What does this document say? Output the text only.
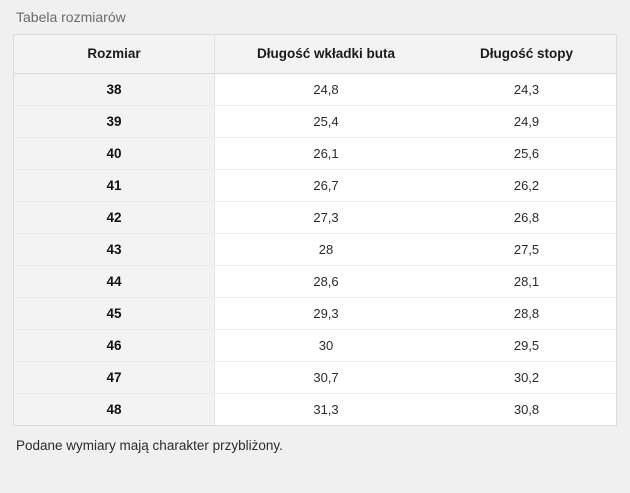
Tabela rozmiarów
Rozmiar	Długość wkładki buta	Długość stopy
38	24,8	24,3
39	25,4	24,9
40	26,1	25,6
41	26,7	26,2
42	27,3	26,8
43	28	27,5
44	28,6	28,1
45	29,3	28,8
46	30	29,5
47	30,7	30,2
48	31,3	30,8
Podane wymiary mają charakter przybliżony.
